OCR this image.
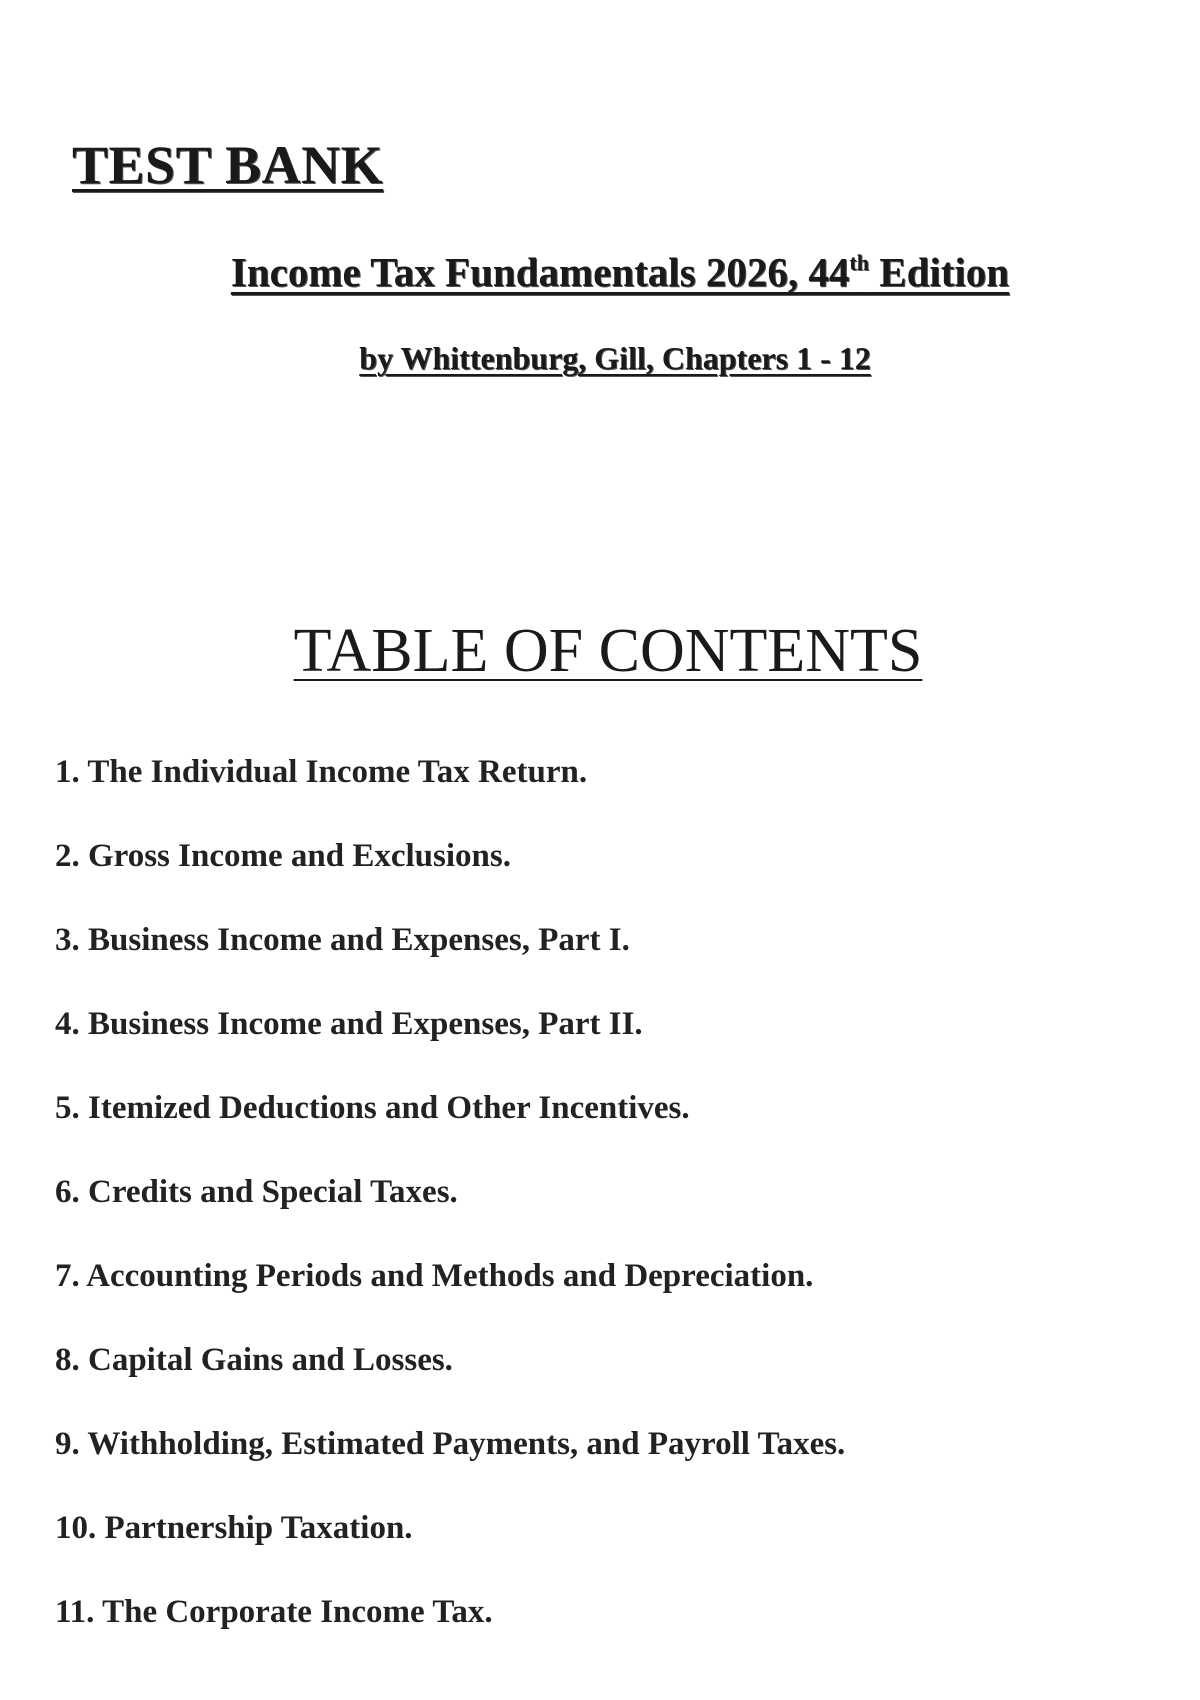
TEST BANK
Income Tax Fundamentals 2026, 44th Edition
by Whittenburg, Gill, Chapters 1 - 12
TABLE OF CONTENTS
1. The Individual Income Tax Return.
2. Gross Income and Exclusions.
3. Business Income and Expenses, Part I.
4. Business Income and Expenses, Part II.
5. Itemized Deductions and Other Incentives.
6. Credits and Special Taxes.
7. Accounting Periods and Methods and Depreciation.
8. Capital Gains and Losses.
9. Withholding, Estimated Payments, and Payroll Taxes.
10. Partnership Taxation.
11. The Corporate Income Tax.
